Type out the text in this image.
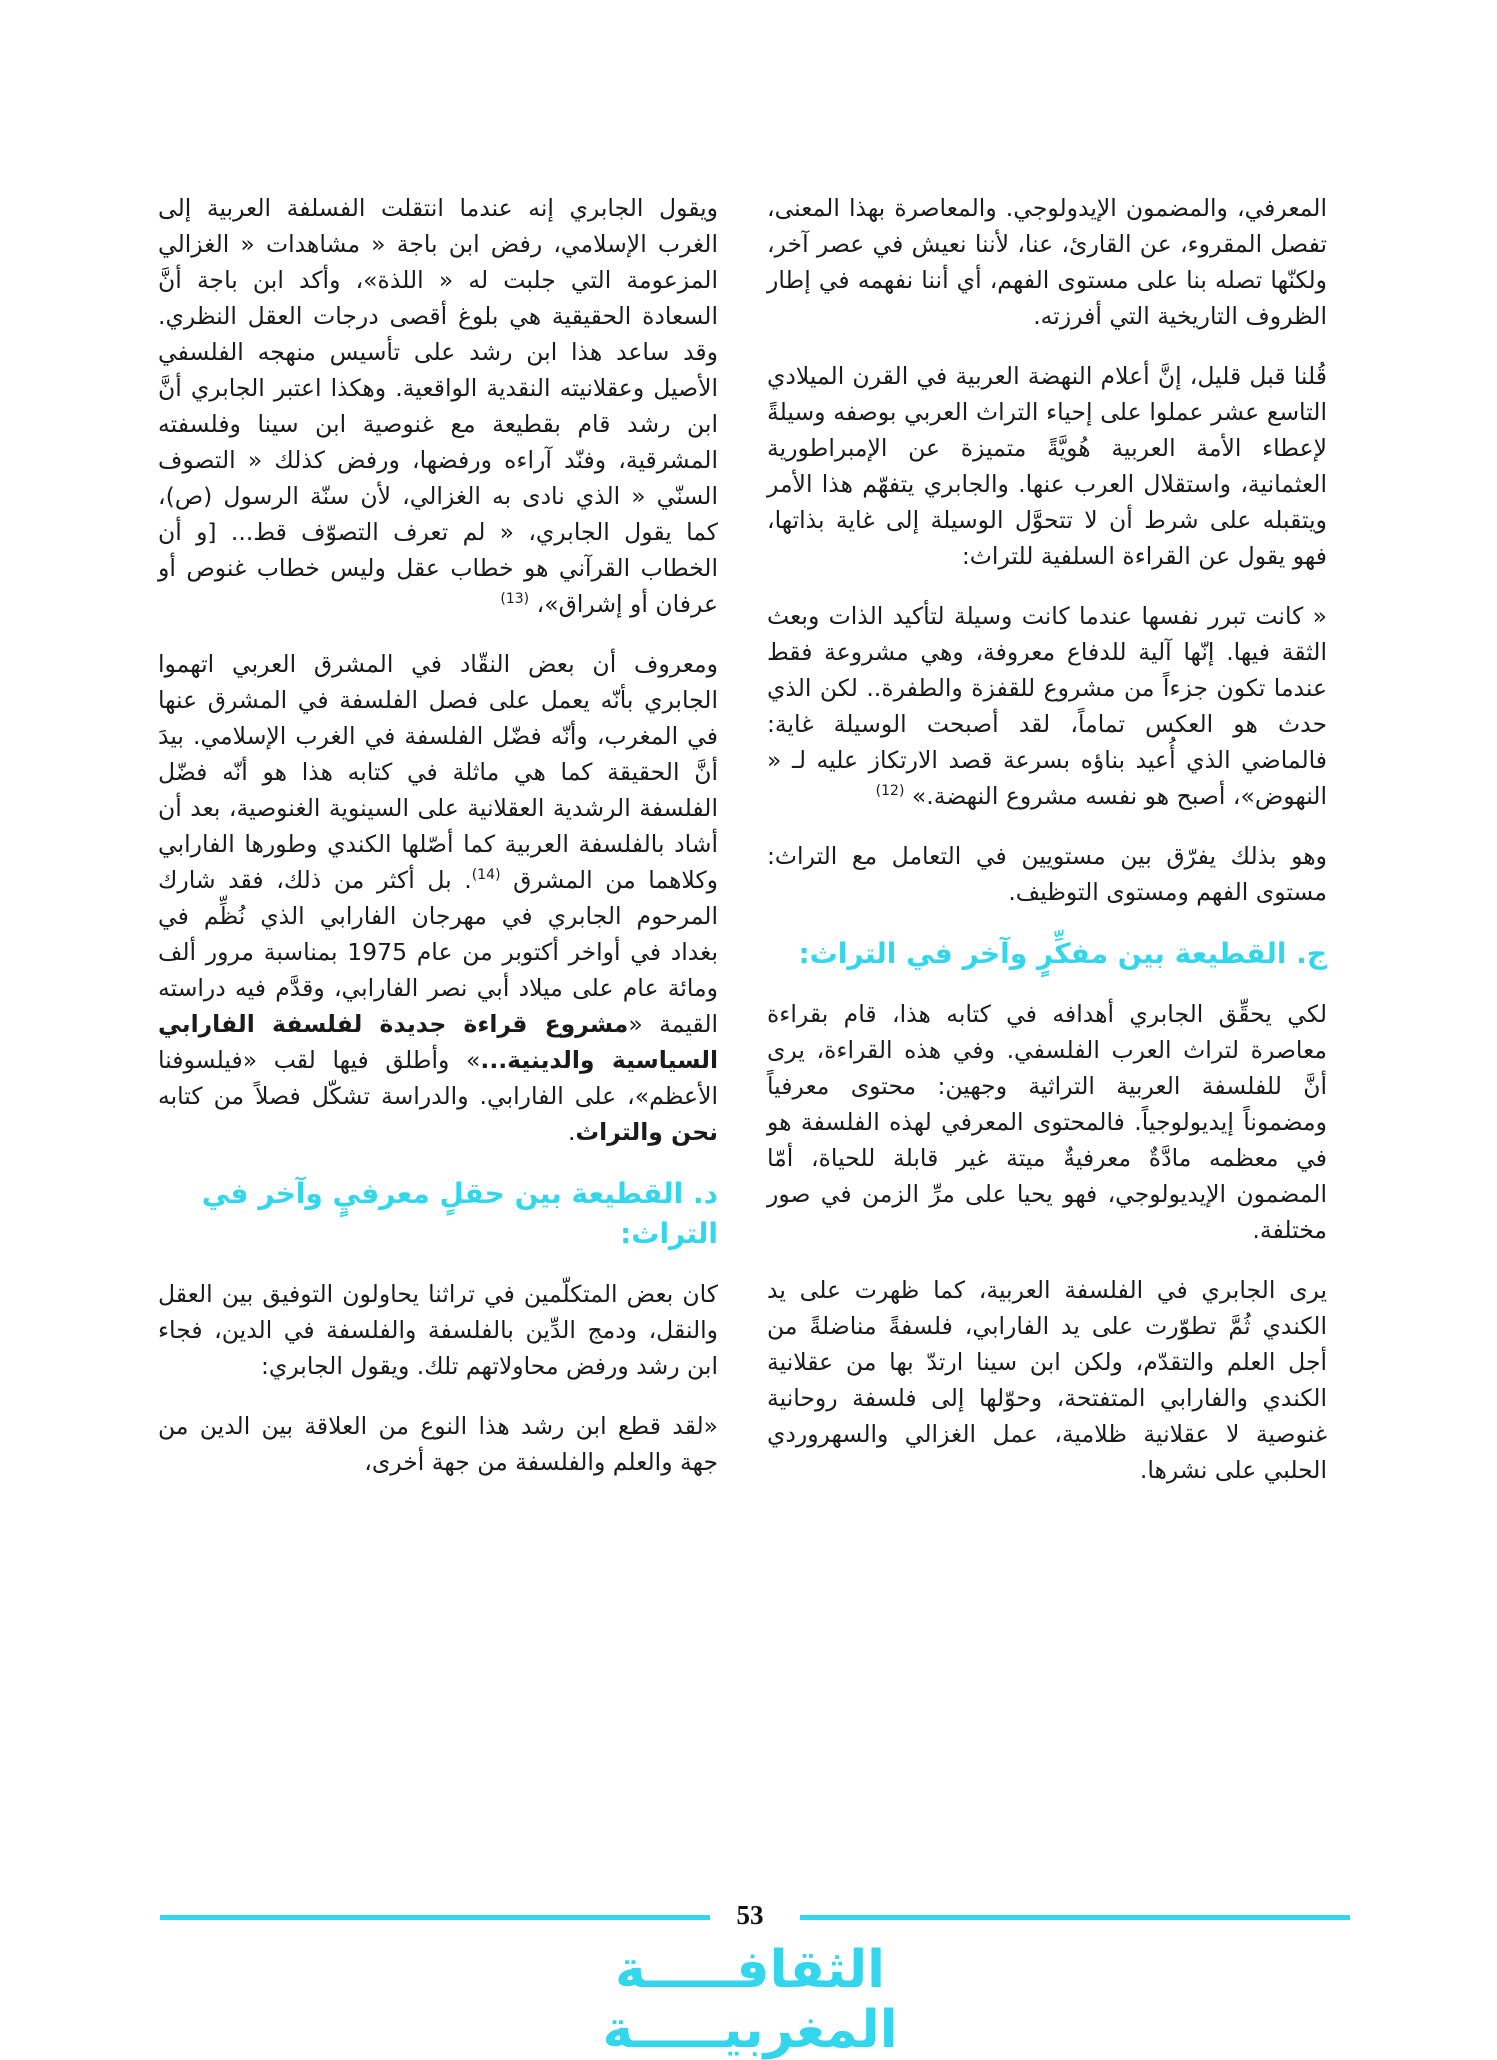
المعرفي، والمضمون الإيدولوجي. والمعاصرة بهذا المعنى، تفصل المقروء، عن القارئ، عنا، لأننا نعيش في عصر آخر، ولكنّها تصله بنا على مستوى الفهم، أي أننا نفهمه في إطار الظروف التاريخية التي أفرزته.

قُلنا قبل قليل، إنَّ أعلام النهضة العربية في القرن الميلادي التاسع عشر عملوا على إحياء التراث العربي بوصفه وسيلةً لإعطاء الأمة العربية هُويَّةً متميزة عن الإمبراطورية العثمانية، واستقلال العرب عنها. والجابري يتفهّم هذا الأمر ويتقبله على شرط أن لا تتحوَّل الوسيلة إلى غاية بذاتها، فهو يقول عن القراءة السلفية للتراث:

« كانت تبرر نفسها عندما كانت وسيلة لتأكيد الذات وبعث الثقة فيها. إنّها آلية للدفاع معروفة، وهي مشروعة فقط عندما تكون جزءاً من مشروع للقفزة والطفرة.. لكن الذي حدث هو العكس تماماً، لقد أصبحت الوسيلة غاية: فالماضي الذي أُعيد بناؤه بسرعة قصد الارتكاز عليه لـ « النهوض»، أصبح هو نفسه مشروع النهضة.» $^{(12)}$

وهو بذلك يفرّق بين مستويين في التعامل مع التراث: مستوى الفهم ومستوى التوظيف.

ج. القطيعة بين مفكِّرٍ وآخر في التراث:

لكي يحقِّق الجابري أهدافه في كتابه هذا، قام بقراءة معاصرة لتراث العرب الفلسفي. وفي هذه القراءة، يرى أنَّ للفلسفة العربية التراثية وجهين: محتوى معرفياً ومضموناً إيديولوجياً. فالمحتوى المعرفي لهذه الفلسفة هو في معظمه مادَّةٌ معرفيةٌ ميتة غير قابلة للحياة، أمّا المضمون الإيديولوجي، فهو يحيا على مرِّ الزمن في صور مختلفة.

يرى الجابري في الفلسفة العربية، كما ظهرت على يد الكندي ثُمَّ تطوّرت على يد الفارابي، فلسفةً مناضلةً من أجل العلم والتقدّم، ولكن ابن سينا ارتدّ بها من عقلانية الكندي والفارابي المتفتحة، وحوّلها إلى فلسفة روحانية غنوصية لا عقلانية ظلامية، عمل الغزالي والسهروردي الحلبي على نشرها.

ويقول الجابري إنه عندما انتقلت الفسلفة العربية إلى الغرب الإسلامي، رفض ابن باجة « مشاهدات « الغزالي المزعومة التي جلبت له « اللذة»، وأكد ابن باجة أنَّ السعادة الحقيقية هي بلوغ أقصى درجات العقل النظري. وقد ساعد هذا ابن رشد على تأسيس منهجه الفلسفي الأصيل وعقلانيته النقدية الواقعية. وهكذا اعتبر الجابري أنَّ ابن رشد قام بقطيعة مع غنوصية ابن سينا وفلسفته المشرقية، وفنّد آراءه ورفضها، ورفض كذلك « التصوف السنّي « الذي نادى به الغزالي، لأن سنّة الرسول (ص)، كما يقول الجابري، « لم تعرف التصوّف قط... [و أن الخطاب القرآني هو خطاب عقل وليس خطاب غنوص أو عرفان أو إشراق»، $^{(13)}$

ومعروف أن بعض النقّاد في المشرق العربي اتهموا الجابري بأنّه يعمل على فصل الفلسفة في المشرق عنها في المغرب، وأنّه فضّل الفلسفة في الغرب الإسلامي. بيدَ أنَّ الحقيقة كما هي ماثلة في كتابه هذا هو أنّه فضّل الفلسفة الرشدية العقلانية على السينوية الغنوصية، بعد أن أشاد بالفلسفة العربية كما أصّلها الكندي وطورها الفارابي وكلاهما من المشرق $^{(14)}$. بل أكثر من ذلك، فقد شارك المرحوم الجابري في مهرجان الفارابي الذي نُظِّم في بغداد في أواخر أكتوبر من عام 1975 بمناسبة مرور ألف ومائة عام على ميلاد أبي نصر الفارابي، وقدَّم فيه دراسته القيمة «مشروع قراءة جديدة لفلسفة الفارابي السياسية والدينية...» وأطلق فيها لقب «فيلسوفنا الأعظم»، على الفارابي. والدراسة تشكّل فصلاً من كتابه نحن والتراث.

د. القطيعة بين حقلٍ معرفيٍ وآخر في التراث:

كان بعض المتكلّمين في تراثنا يحاولون التوفيق بين العقل والنقل، ودمج الدِّين بالفلسفة والفلسفة في الدين، فجاء ابن رشد ورفض محاولاتهم تلك. ويقول الجابري:

«لقد قطع ابن رشد هذا النوع من العلاقة بين الدين من جهة والعلم والفلسفة من جهة أخرى،

53
الثقافـــــة المغربيـــــة
